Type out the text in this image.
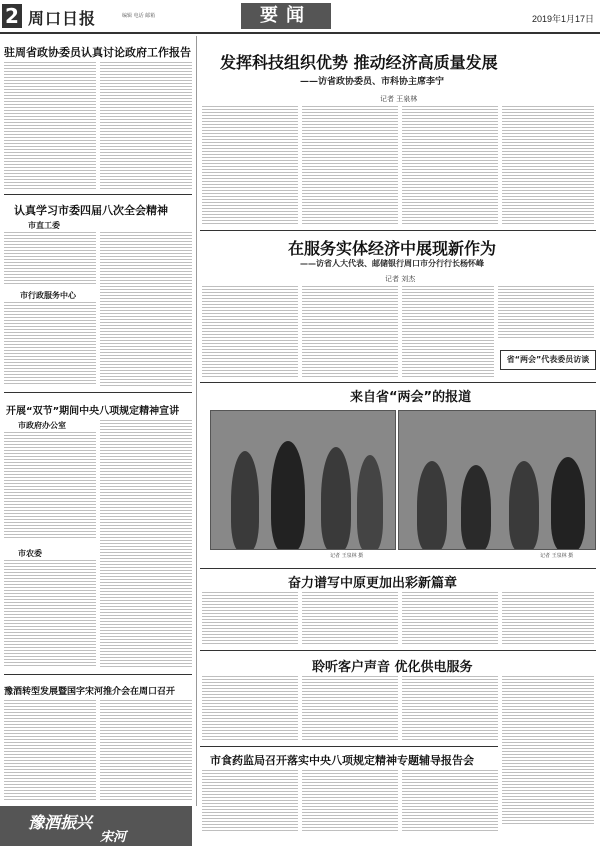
2 周口日报	编辑 电话 邮箱	要闻	2019年1月17日
驻周省政协委员认真讨论政府工作报告
认真学习市委四届八次全会精神
市直工委
市行政服务中心
开展“双节”期间中央八项规定精神宣讲
市政府办公室
市农委
豫酒转型发展暨国字宋河推介会在周口召开
豫酒振兴
宋河
发挥科技组织优势 推动经济高质量发展
——访省政协委员、市科协主席李宁
记者 王泉林
在服务实体经济中展现新作为
——访省人大代表、邮储银行周口市分行行长杨怀峰
记者 刘杰
省“两会”代表委员访谈
来自省“两会”的报道
记者 王泉林 摄	记者 王泉林 摄
奋力谱写中原更加出彩新篇章
聆听客户声音 优化供电服务
市食药监局召开落实中央八项规定精神专题辅导报告会
